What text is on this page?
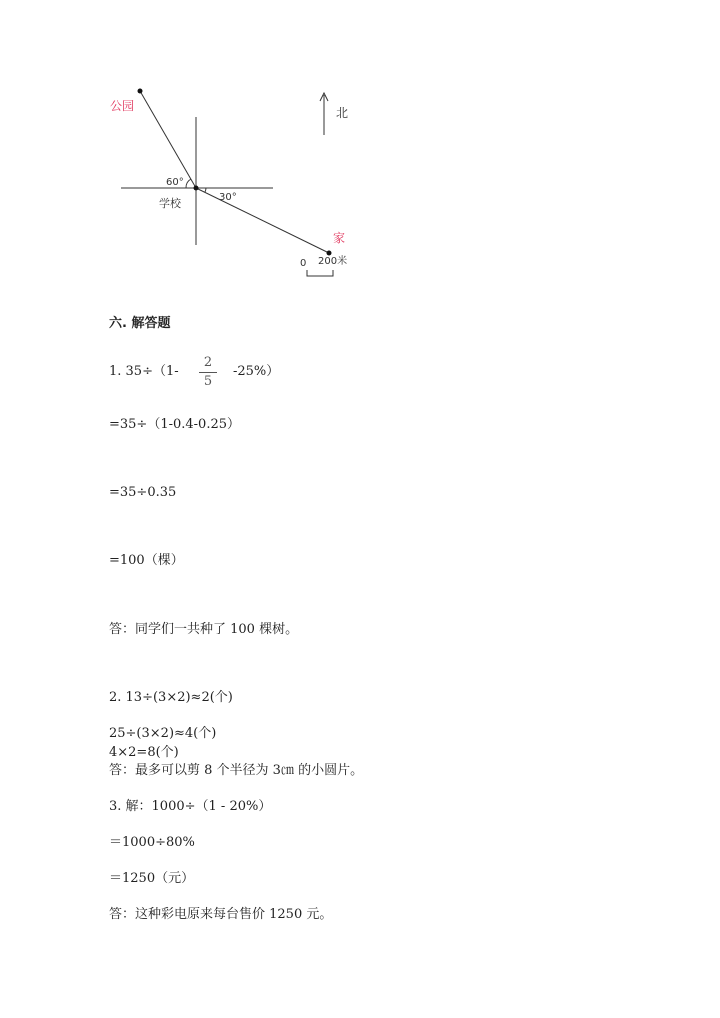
公园
学校
家
北
60°
30°
0 200米
六. 解答题
1. $35\div(1- \frac{2}{5} -25\%)$
=35÷（1-0.4-0.25）
=35÷0.35
=100（棵）
答：同学们一共种了 100 棵树。
2. 13÷(3×2)≈2(个)
25÷(3×2)≈4(个)
4×2=8(个)
答：最多可以剪 8 个半径为 3㎝ 的小圆片。
3. 解：1000÷（1 - 20%）
＝1000÷80%
＝1250（元）
答：这种彩电原来每台售价 1250 元。
